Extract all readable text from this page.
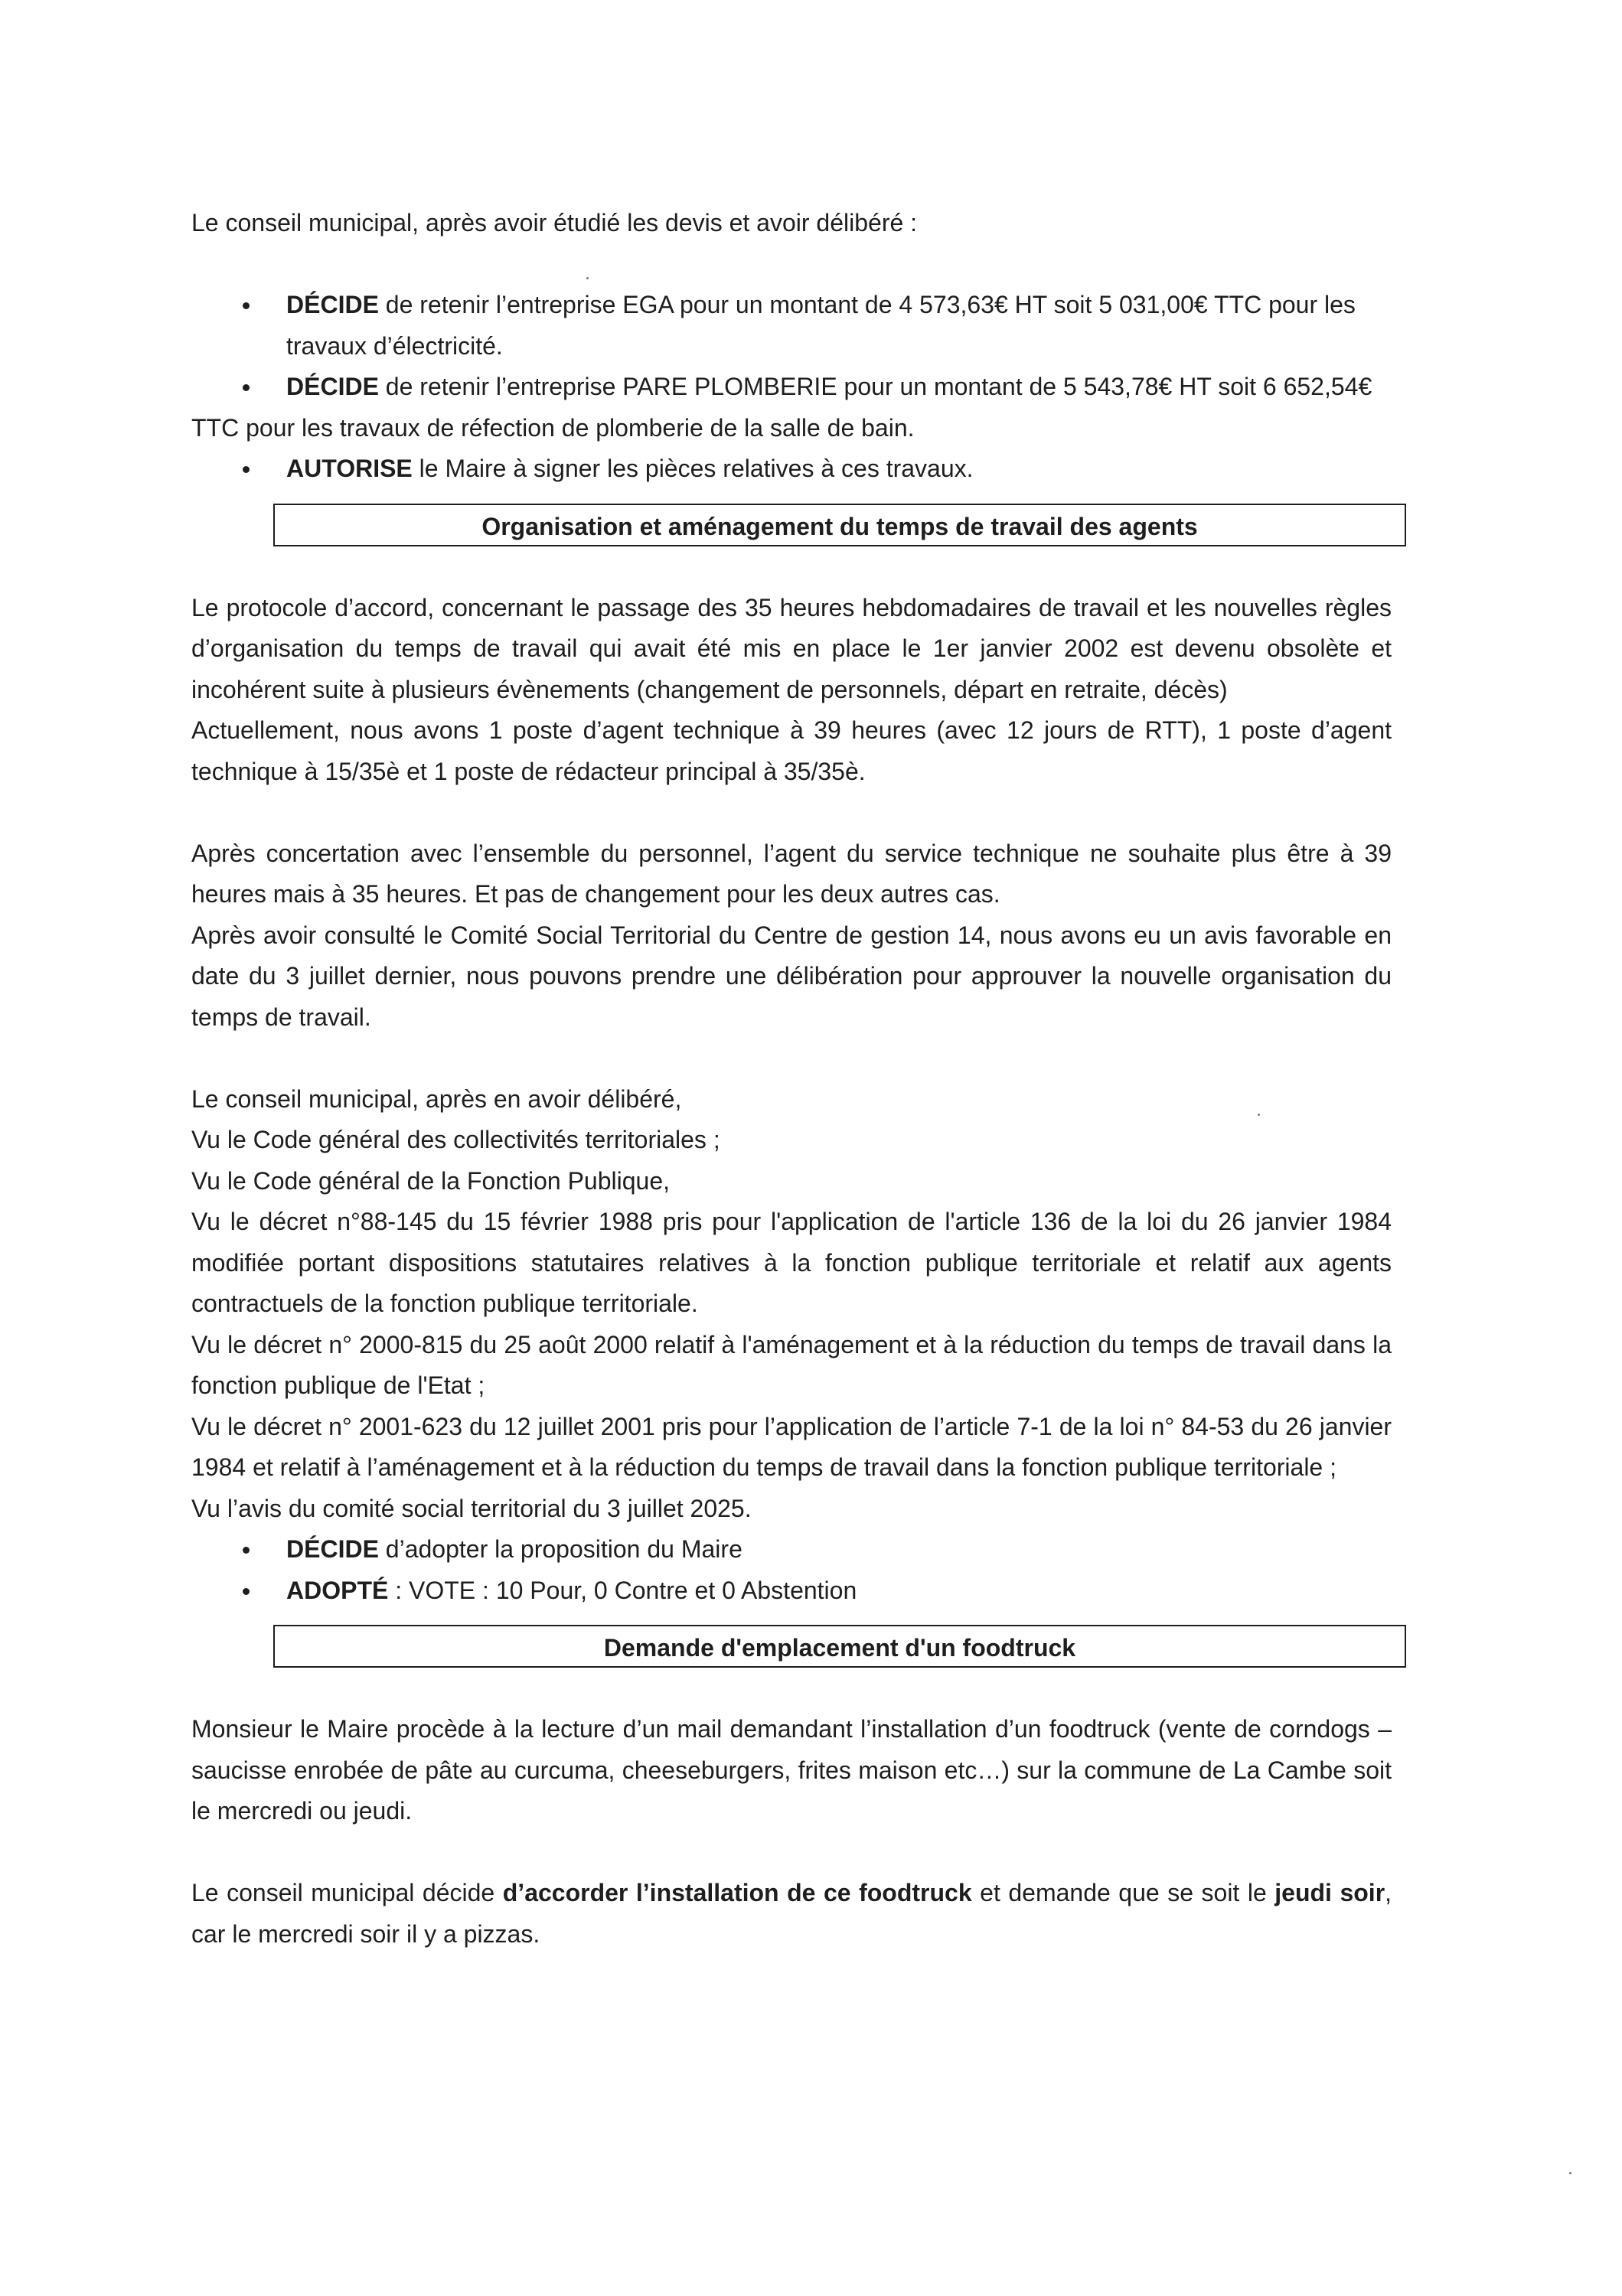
Le conseil municipal, après avoir étudié les devis et avoir délibéré :

DÉCIDE de retenir l’entreprise EGA pour un montant de 4 573,63€ HT soit 5 031,00€ TTC pour les travaux d’électricité.
DÉCIDE de retenir l’entreprise PARE PLOMBERIE pour un montant de 5 543,78€ HT soit 6 652,54€ TTC pour les travaux de réfection de plomberie de la salle de bain.
AUTORISE le Maire à signer les pièces relatives à ces travaux.
Organisation et aménagement du temps de travail des agents

Le protocole d’accord, concernant le passage des 35 heures hebdomadaires de travail et les nouvelles règles d’organisation du temps de travail qui avait été mis en place le 1er janvier 2002 est devenu obsolète et incohérent suite à plusieurs évènements (changement de personnels, départ en retraite, décès)

Actuellement, nous avons 1 poste d’agent technique à 39 heures (avec 12 jours de RTT), 1 poste d’agent technique à 15/35è et 1 poste de rédacteur principal à 35/35è.

Après concertation avec l’ensemble du personnel, l’agent du service technique ne souhaite plus être à 39 heures mais à 35 heures. Et pas de changement pour les deux autres cas.

Après avoir consulté le Comité Social Territorial du Centre de gestion 14, nous avons eu un avis favorable en date du 3 juillet dernier, nous pouvons prendre une délibération pour approuver la nouvelle organisation du temps de travail.

Le conseil municipal, après en avoir délibéré,

Vu le Code général des collectivités territoriales ;

Vu le Code général de la Fonction Publique,

Vu le décret n°88-145 du 15 février 1988 pris pour l'application de l'article 136 de la loi du 26 janvier 1984 modifiée portant dispositions statutaires relatives à la fonction publique territoriale et relatif aux agents contractuels de la fonction publique territoriale.

Vu le décret n° 2000-815 du 25 août 2000 relatif à l'aménagement et à la réduction du temps de travail dans la fonction publique de l'Etat ;

Vu le décret n° 2001-623 du 12 juillet 2001 pris pour l’application de l’article 7-1 de la loi n° 84-53 du 26 janvier 1984 et relatif à l’aménagement et à la réduction du temps de travail dans la fonction publique territoriale ;

Vu l’avis du comité social territorial du 3 juillet 2025.

DÉCIDE d’adopter la proposition du Maire
ADOPTÉ : VOTE : 10 Pour, 0 Contre et 0 Abstention
Demande d'emplacement d'un foodtruck

Monsieur le Maire procède à la lecture d’un mail demandant l’installation d’un foodtruck (vente de corndogs – saucisse enrobée de pâte au curcuma, cheeseburgers, frites maison etc…) sur la commune de La Cambe soit le mercredi ou jeudi.

Le conseil municipal décide d’accorder l’installation de ce foodtruck et demande que se soit le jeudi soir, car le mercredi soir il y a pizzas.
